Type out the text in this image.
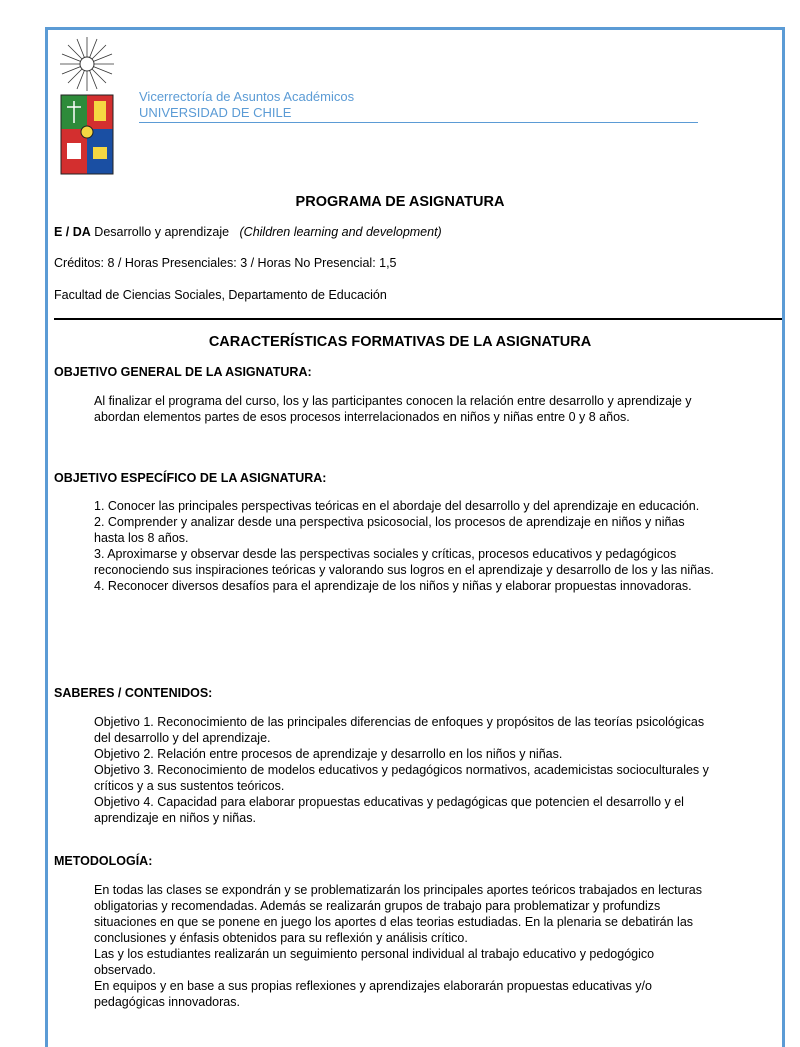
Vicerrectoría de Asuntos Académicos
UNIVERSIDAD DE CHILE
PROGRAMA DE ASIGNATURA
E / DA Desarrollo y aprendizaje (Children learning and development)
Créditos: 8 / Horas Presenciales: 3 / Horas No Presencial: 1,5
Facultad de Ciencias Sociales, Departamento de Educación
CARACTERÍSTICAS FORMATIVAS DE LA ASIGNATURA
OBJETIVO GENERAL DE LA ASIGNATURA:

Al finalizar el programa del curso, los y las participantes conocen la relación entre desarrollo y aprendizaje y abordan elementos partes de esos procesos interrelacionados en niños y niñas entre 0 y 8 años.

OBJETIVO ESPECÍFICO DE LA ASIGNATURA:

1. Conocer las principales perspectivas teóricas en el abordaje del desarrollo y del aprendizaje en educación.

2. Comprender y analizar desde una perspectiva psicosocial, los procesos de aprendizaje en niños y niñas hasta los 8 años.

3. Aproximarse y observar desde las perspectivas sociales y críticas, procesos educativos y pedagógicos reconociendo sus inspiraciones teóricas y valorando sus logros en el aprendizaje y desarrollo de los y las niñas.

4. Reconocer diversos desafíos para el aprendizaje de los niños y niñas y elaborar propuestas innovadoras.

SABERES / CONTENIDOS:

Objetivo 1. Reconocimiento de las principales diferencias de enfoques y propósitos de las teorías psicológicas del desarrollo y del aprendizaje.

Objetivo 2. Relación entre procesos de aprendizaje y desarrollo en los niños y niñas.

Objetivo 3. Reconocimiento de modelos educativos y pedagógicos normativos, academicistas socioculturales y críticos y a sus sustentos teóricos.

Objetivo 4. Capacidad para elaborar propuestas educativas y pedagógicas que potencien el desarrollo y el aprendizaje en niños y niñas.

METODOLOGÍA:

En todas las clases se expondrán y se problematizarán los principales aportes teóricos trabajados en lecturas obligatorias y recomendadas. Además se realizarán grupos de trabajo para problematizar y profundizs situaciones en que se ponene en juego los aportes d elas teorias estudiadas. En la plenaria se debatirán las conclusiones y énfasis obtenidos para su reflexión y análisis crítico.

Las y los estudiantes realizarán un seguimiento personal individual al trabajo educativo y pedogógico observado.

En equipos y en base a sus propias reflexiones y aprendizajes elaborarán propuestas educativas y/o pedagógicas innovadoras.
